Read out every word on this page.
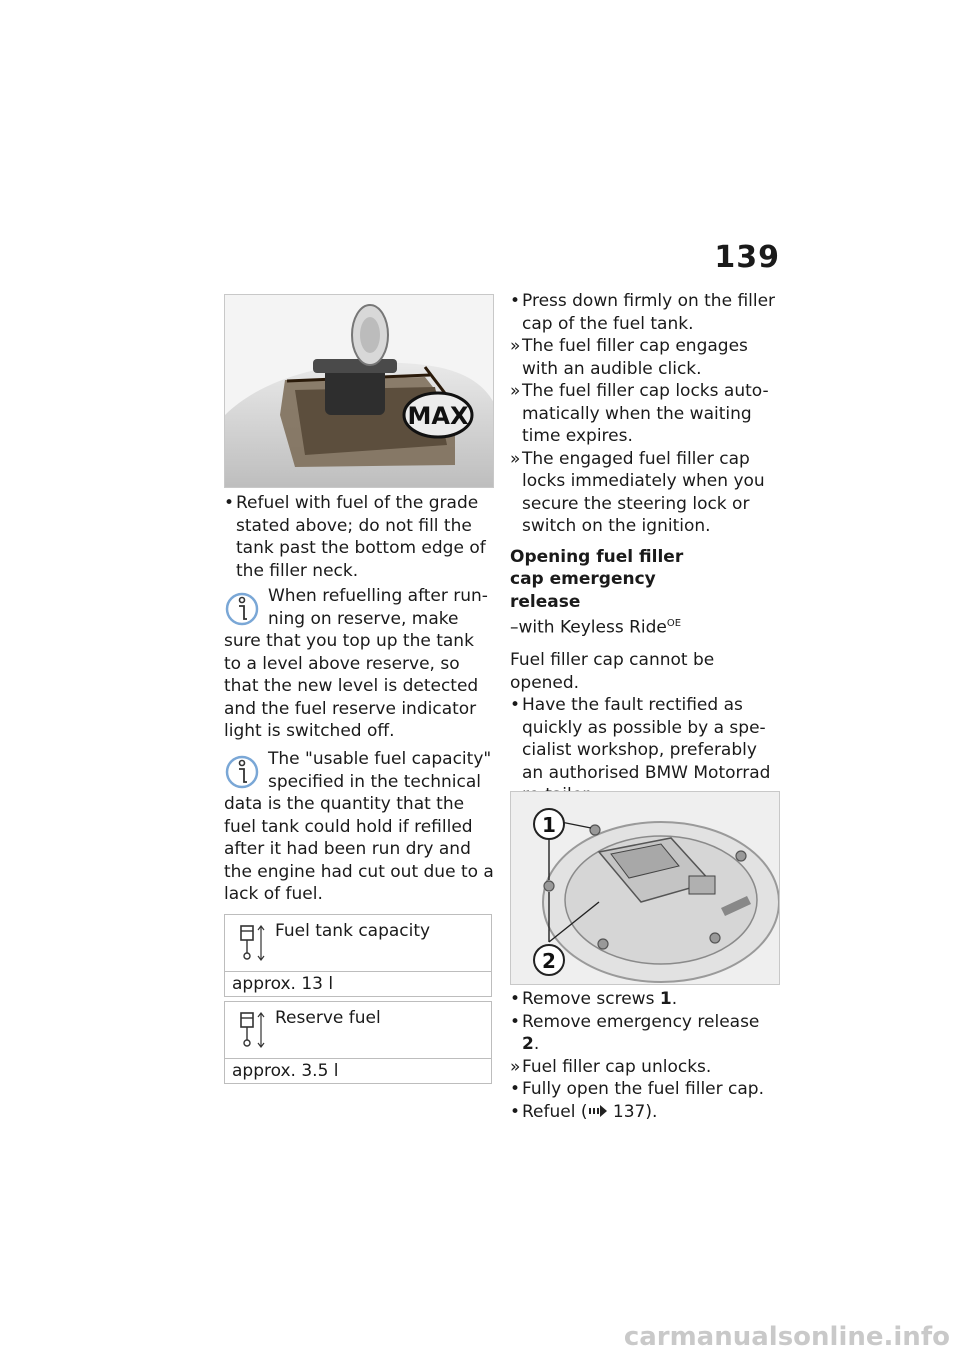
139
MAX
• Refuel with fuel of the grade stated above; do not fill the tank past the bottom edge of the filler neck.
When refuelling after run-ning on reserve, make
sure that you top up the tank to a level above reserve, so that the new level is detected and the fuel reserve indicator light is switched off.
The "usable fuel capacity" specified in the technical
data is the quantity that the fuel tank could hold if refilled after it had been run dry and the engine had cut out due to a lack of fuel.
Fuel tank capacity
approx. 13 l
Reserve fuel
approx. 3.5 l
• Press down firmly on the filler cap of the fuel tank.
» The fuel filler cap engages with an audible click.
» The fuel filler cap locks auto-matically when the waiting time expires.
» The engaged fuel filler cap locks immediately when you secure the steering lock or switch on the ignition.
Opening fuel filler cap emergency release
–with Keyless Ride$^{OE}$
Fuel filler cap cannot be opened.
• Have the fault rectified as quickly as possible by a spe-cialist workshop, preferably an authorised BMW Motorrad
1
2
• Remove screws 1.
• Remove emergency release 2.
» Fuel filler cap unlocks.
• Fully open the fuel filler cap.
• Refuel ( 137).
carmanualsonline.info
